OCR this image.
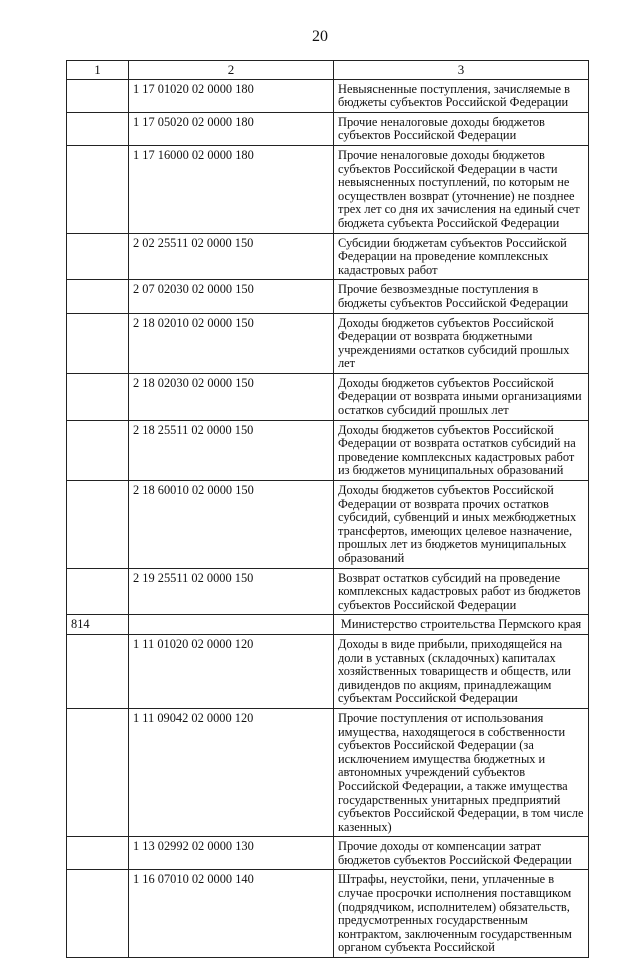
20
1	2	3
	1 17 01020 02 0000 180	Невыясненные поступления, зачисляемые в бюджеты субъектов Российской Федерации
	1 17 05020 02 0000 180	Прочие неналоговые доходы бюджетов субъектов Российской Федерации
	1 17 16000 02 0000 180	Прочие неналоговые доходы бюджетов субъектов Российской Федерации в части невыясненных поступлений, по которым не осуществлен возврат (уточнение) не позднее трех лет со дня их зачисления на единый счет бюджета субъекта Российской Федерации
	2 02 25511 02 0000 150	Субсидии бюджетам субъектов Российской Федерации на проведение комплексных кадастровых работ
	2 07 02030 02 0000 150	Прочие безвозмездные поступления в бюджеты субъектов Российской Федерации
	2 18 02010 02 0000 150	Доходы бюджетов субъектов Российской Федерации от возврата бюджетными учреждениями остатков субсидий прошлых лет
	2 18 02030 02 0000 150	Доходы бюджетов субъектов Российской Федерации от возврата иными организациями остатков субсидий прошлых лет
	2 18 25511 02 0000 150	Доходы бюджетов субъектов Российской Федерации от возврата остатков субсидий на проведение комплексных кадастровых работ из бюджетов муниципальных образований
	2 18 60010 02 0000 150	Доходы бюджетов субъектов Российской Федерации от возврата прочих остатков субсидий, субвенций и иных межбюджетных трансфертов, имеющих целевое назначение, прошлых лет из бюджетов муниципальных образований
	2 19 25511 02 0000 150	Возврат остатков субсидий на проведение комплексных кадастровых работ из бюджетов субъектов Российской Федерации
814		Министерство строительства Пермского края
	1 11 01020 02 0000 120	Доходы в виде прибыли, приходящейся на доли в уставных (складочных) капиталах хозяйственных товариществ и обществ, или дивидендов по акциям, принадлежащим субъектам Российской Федерации
	1 11 09042 02 0000 120	Прочие поступления от использования имущества, находящегося в собственности субъектов Российской Федерации (за исключением имущества бюджетных и автономных учреждений субъектов Российской Федерации, а также имущества государственных унитарных предприятий субъектов Российской Федерации, в том числе казенных)
	1 13 02992 02 0000 130	Прочие доходы от компенсации затрат бюджетов субъектов Российской Федерации
	1 16 07010 02 0000 140	Штрафы, неустойки, пени, уплаченные в случае просрочки исполнения поставщиком (подрядчиком, исполнителем) обязательств, предусмотренных государственным контрактом, заключенным государственным органом субъекта Российской
